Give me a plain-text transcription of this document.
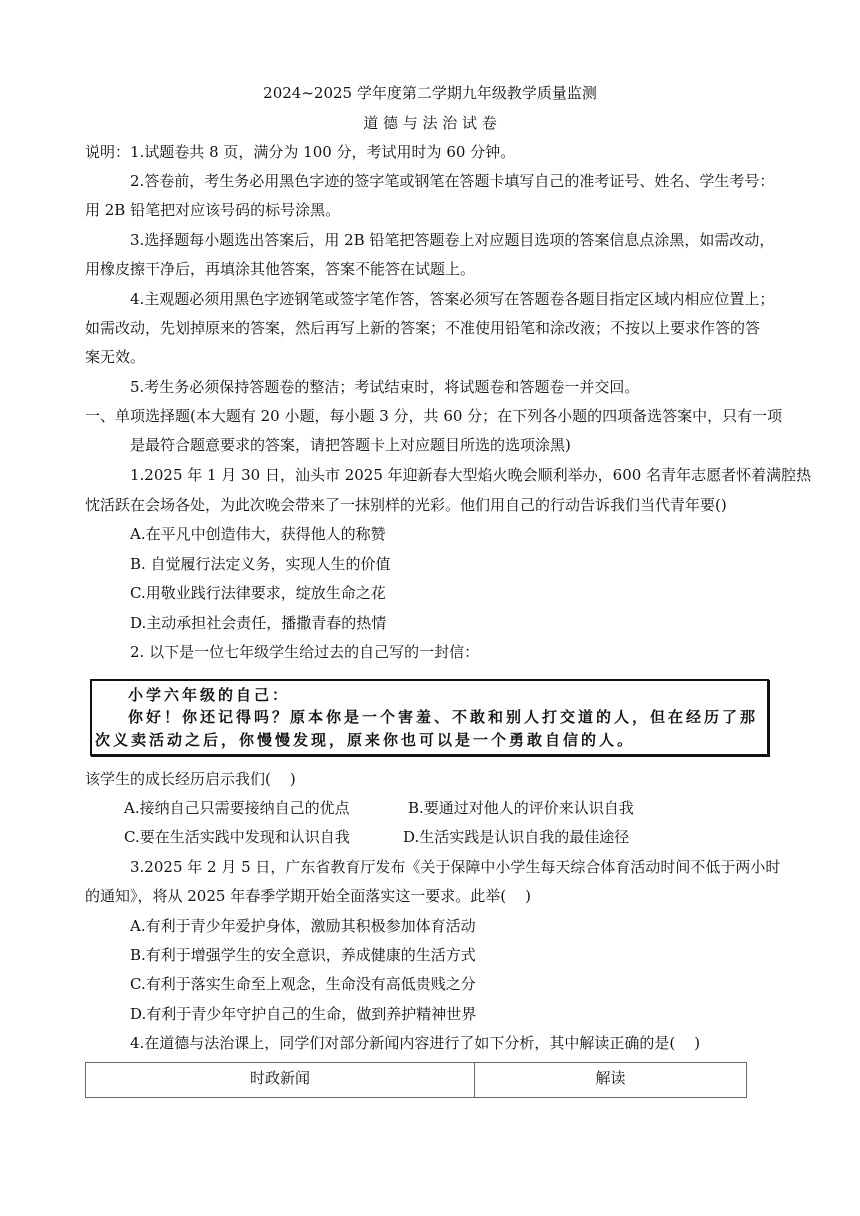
2024~2025 学年度第二学期九年级教学质量监测
道 德 与 法 治 试 卷
说明：1.试题卷共 8 页，满分为 100 分，考试用时为 60 分钟。
2.答卷前，考生务必用黑色字迹的签字笔或钢笔在答题卡填写自己的准考证号、姓名、学生考号：
用 2B 铅笔把对应该号码的标号涂黑。
3.选择题每小题选出答案后，用 2B 铅笔把答题卷上对应题目选项的答案信息点涂黑，如需改动，
用橡皮擦干净后，再填涂其他答案，答案不能答在试题上。
4.主观题必须用黑色字迹钢笔或签字笔作答，答案必须写在答题卷各题目指定区域内相应位置上；
如需改动，先划掉原来的答案，然后再写上新的答案；不准使用铅笔和涂改液；不按以上要求作答的答
案无效。
5.考生务必须保持答题卷的整洁；考试结束时，将试题卷和答题卷一并交回。
一、单项选择题(本大题有 20 小题，每小题 3 分，共 60 分；在下列各小题的四项备选答案中，只有一项
是最符合题意要求的答案，请把答题卡上对应题目所选的选项涂黑)
1.2025 年 1 月 30 日，汕头市 2025 年迎新春大型焰火晚会顺利举办，600 名青年志愿者怀着满腔热
忱活跃在会场各处，为此次晚会带来了一抹别样的光彩。他们用自己的行动告诉我们当代青年要()
A.在平凡中创造伟大，获得他人的称赞
B. 自觉履行法定义务，实现人生的价值
C.用敬业践行法律要求，绽放生命之花
D.主动承担社会责任，播撒青春的热情
2. 以下是一位七年级学生给过去的自己写的一封信：
小学六年级的自己：
你好！你还记得吗？原本你是一个害羞、不敢和别人打交道的人，但在经历了那
次义卖活动之后，你慢慢发现，原来你也可以是一个勇敢自信的人。
该学生的成长经历启示我们(    )
A.接纳自己只需要接纳自己的优点	B.要通过对他人的评价来认识自我
C.要在生活实践中发现和认识自我	D.生活实践是认识自我的最佳途径
3.2025 年 2 月 5 日，广东省教育厅发布《关于保障中小学生每天综合体育活动时间不低于两小时
的通知》，将从 2025 年春季学期开始全面落实这一要求。此举(    )
A.有利于青少年爱护身体，激励其积极参加体育活动
B.有利于增强学生的安全意识，养成健康的生活方式
C.有利于落实生命至上观念，生命没有高低贵贱之分
D.有利于青少年守护自己的生命，做到养护精神世界
4.在道德与法治课上，同学们对部分新闻内容进行了如下分析，其中解读正确的是(    )
时政新闻	解读
